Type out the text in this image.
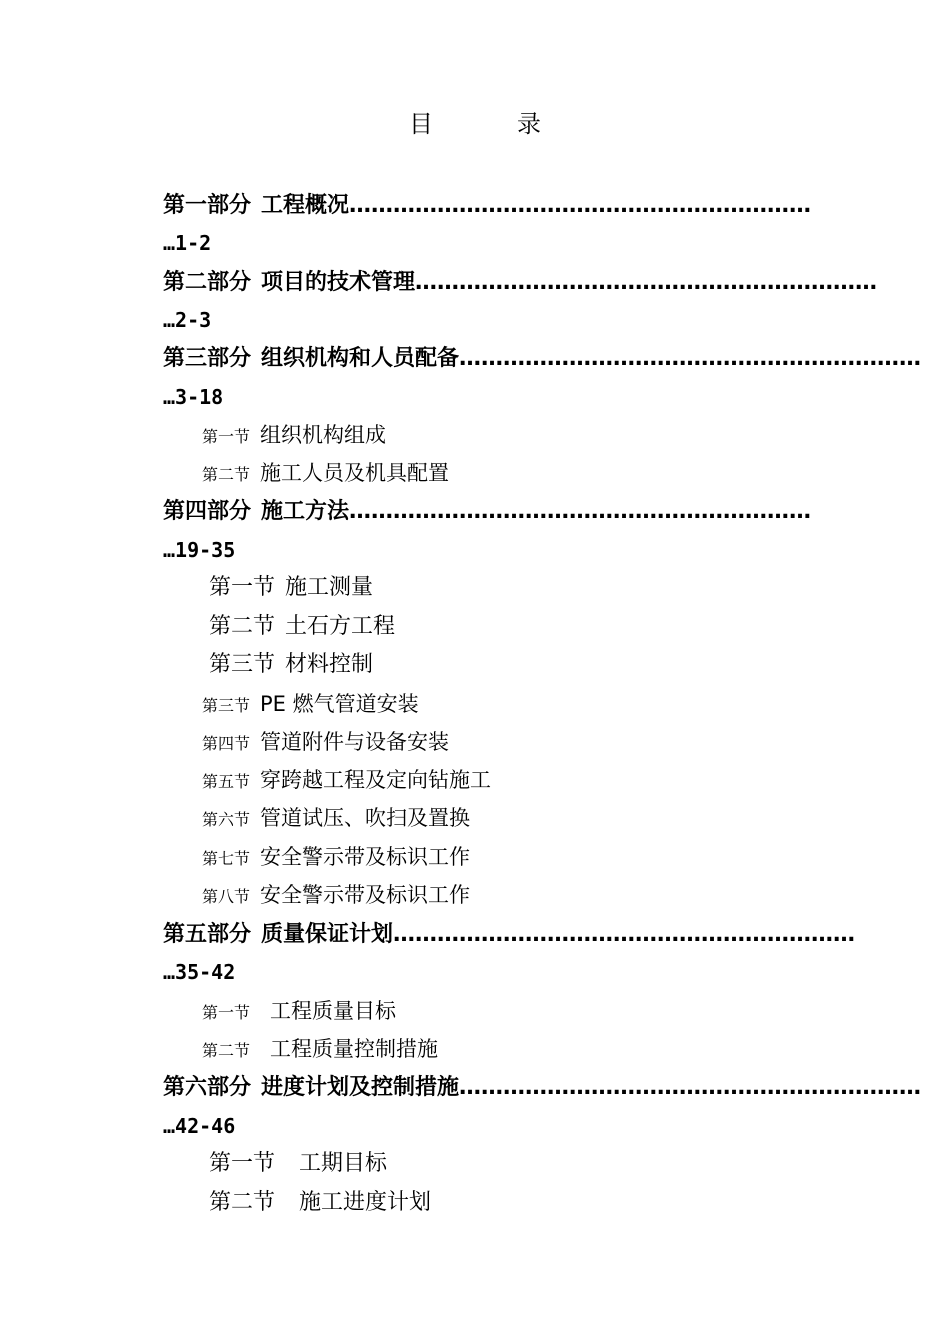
目　录
第一部分 工程概况………………………………………………………
…1-2
第二部分 项目的技术管理………………………………………………………
…2-3
第三部分 组织机构和人员配备………………………………………………………
…3-18
第一节 组织机构组成
第二节 施工人员及机具配置
第四部分 施工方法………………………………………………………
…19-35
第一节 施工测量
第二节 土石方工程
第三节 材料控制
第三节 PE 燃气管道安装
第四节 管道附件与设备安装
第五节 穿跨越工程及定向钻施工
第六节 管道试压、吹扫及置换
第七节 安全警示带及标识工作
第八节 安全警示带及标识工作
第五部分 质量保证计划………………………………………………………
…35-42
第一节 工程质量目标
第二节 工程质量控制措施
第六部分 进度计划及控制措施………………………………………………………
…42-46
第一节 工期目标
第二节 施工进度计划
